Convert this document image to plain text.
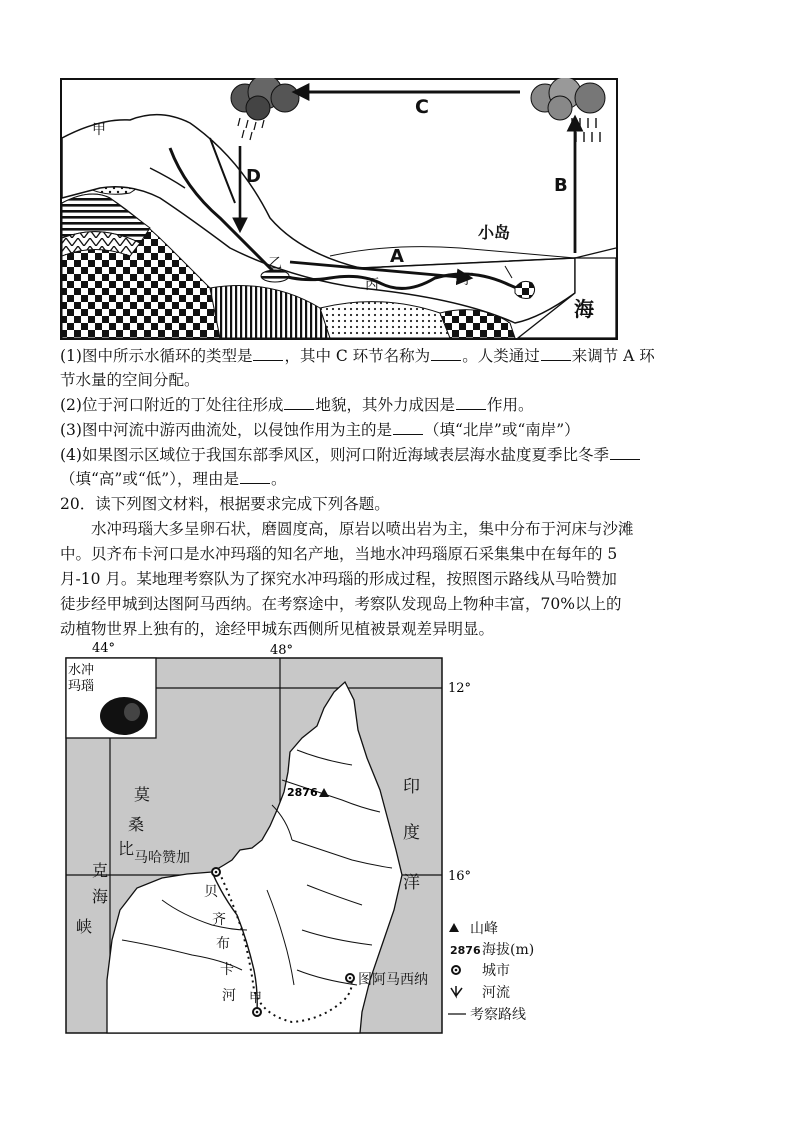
C
D	B
A
甲
乙
丙	丁
小岛
海
(1)图中所示水循环的类型是 ，其中 C 环节名称为 。人类通过 来调节 A 环
节水量的空间分配。
(2)位于河口附近的丁处往往形成 地貌，其外力成因是 作用。
(3)图中河流中游丙曲流处，以侵蚀作用为主的是 （填“北岸”或“南岸”）
(4)如果图示区域位于我国东部季风区，则河口附近海域表层海水盐度夏季比冬季（填“高”或“低”），理由是 。
20．读下列图文材料，根据要求完成下列各题。
水冲玛瑙大多呈卵石状，磨圆度高，原岩以喷出岩为主，集中分布于河床与沙滩
中。贝齐布卡河口是水冲玛瑙的知名产地，当地水冲玛瑙原石采集集中在每年的 5
月-10 月。某地理考察队为了探究水冲玛瑙的形成过程，按照图示路线从马哈赞加
徒步经甲城到达图阿马西纳。在考察途中，考察队发现岛上物种丰富，70%以上的
动植物世界上独有的，途经甲城东西侧所见植被景观差异明显。
44°	48°
12°
16°
2876
马哈赞加
图阿马西纳
甲
贝
齐
布
卡
河
莫
桑
比
克
海
峡
印
度
洋
水冲
玛瑙
山峰
2876 海拔(m)
城市
河流
考察路线
